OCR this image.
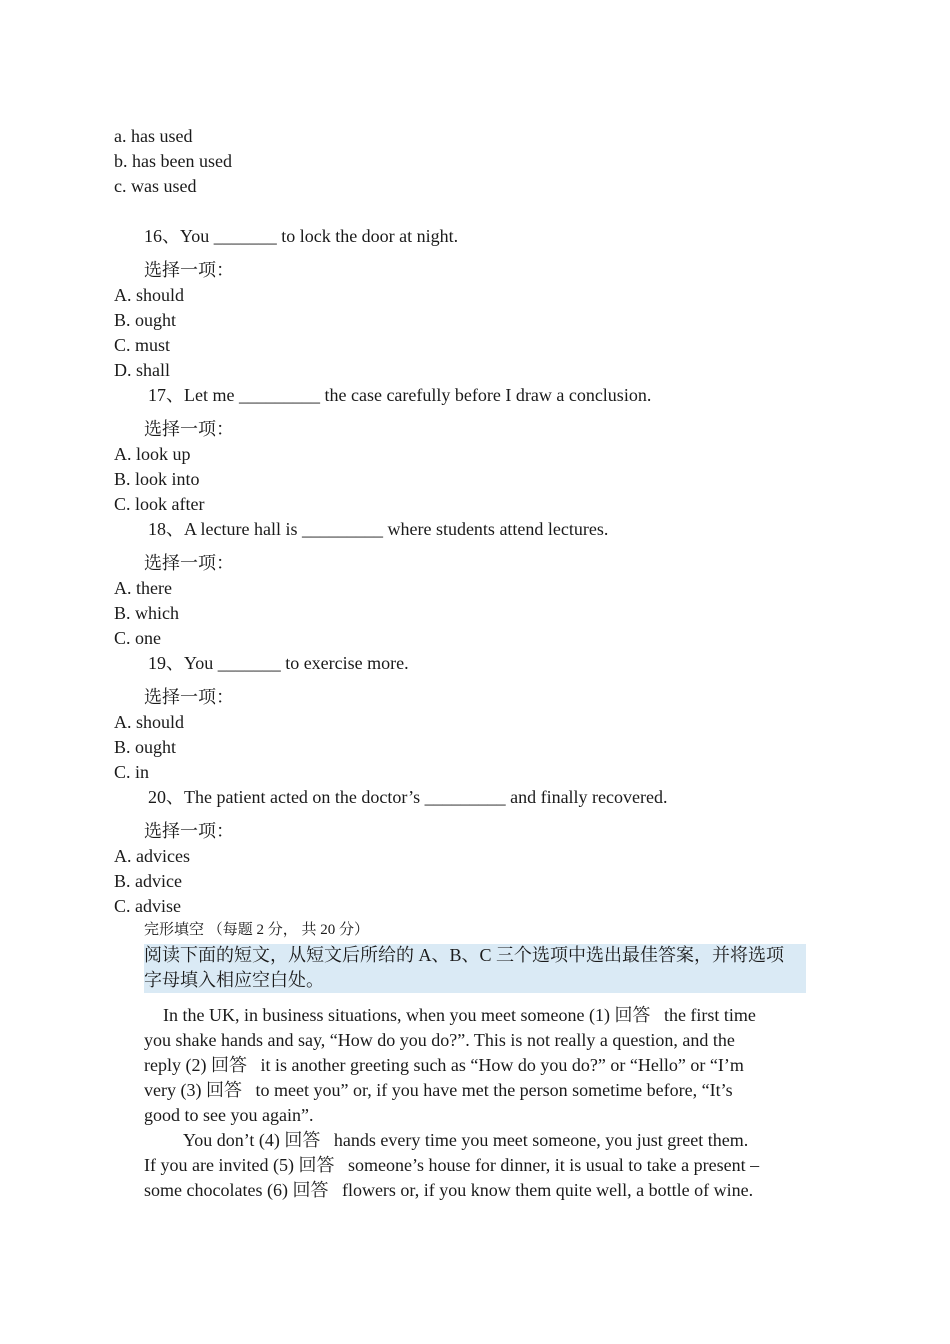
a. has used
b. has been used
c. was used
16、You _______ to lock the door at night.
选择一项：
A. should
B. ought
C. must
D. shall
17、Let me _________ the case carefully before I draw a conclusion.
选择一项：
A. look up
B. look into
C. look after
18、A lecture hall is _________ where students attend lectures.
选择一项：
A. there
B. which
C. one
19、You _______ to exercise more.
选择一项：
A. should
B. ought
C. in
20、The patient acted on the doctor’s _________ and finally recovered.
选择一项：
A. advices
B. advice
C. advise
完形填空 （每题 2 分， 共 20 分）
阅读下面的短文，从短文后所给的 A、B、C 三个选项中选出最佳答案，并将选项
字母填入相应空白处。
In the UK, in business situations, when you meet someone (1) 回答   the first time
you shake hands and say, “How do you do?”. This is not really a question, and the
reply (2) 回答   it is another greeting such as “How do you do?” or “Hello” or “I’m
very (3) 回答   to meet you” or, if you have met the person sometime before, “It’s
good to see you again”.
You don’t (4) 回答   hands every time you meet someone, you just greet them.
If you are invited (5) 回答   someone’s house for dinner, it is usual to take a present –
some chocolates (6) 回答   flowers or, if you know them quite well, a bottle of wine.
